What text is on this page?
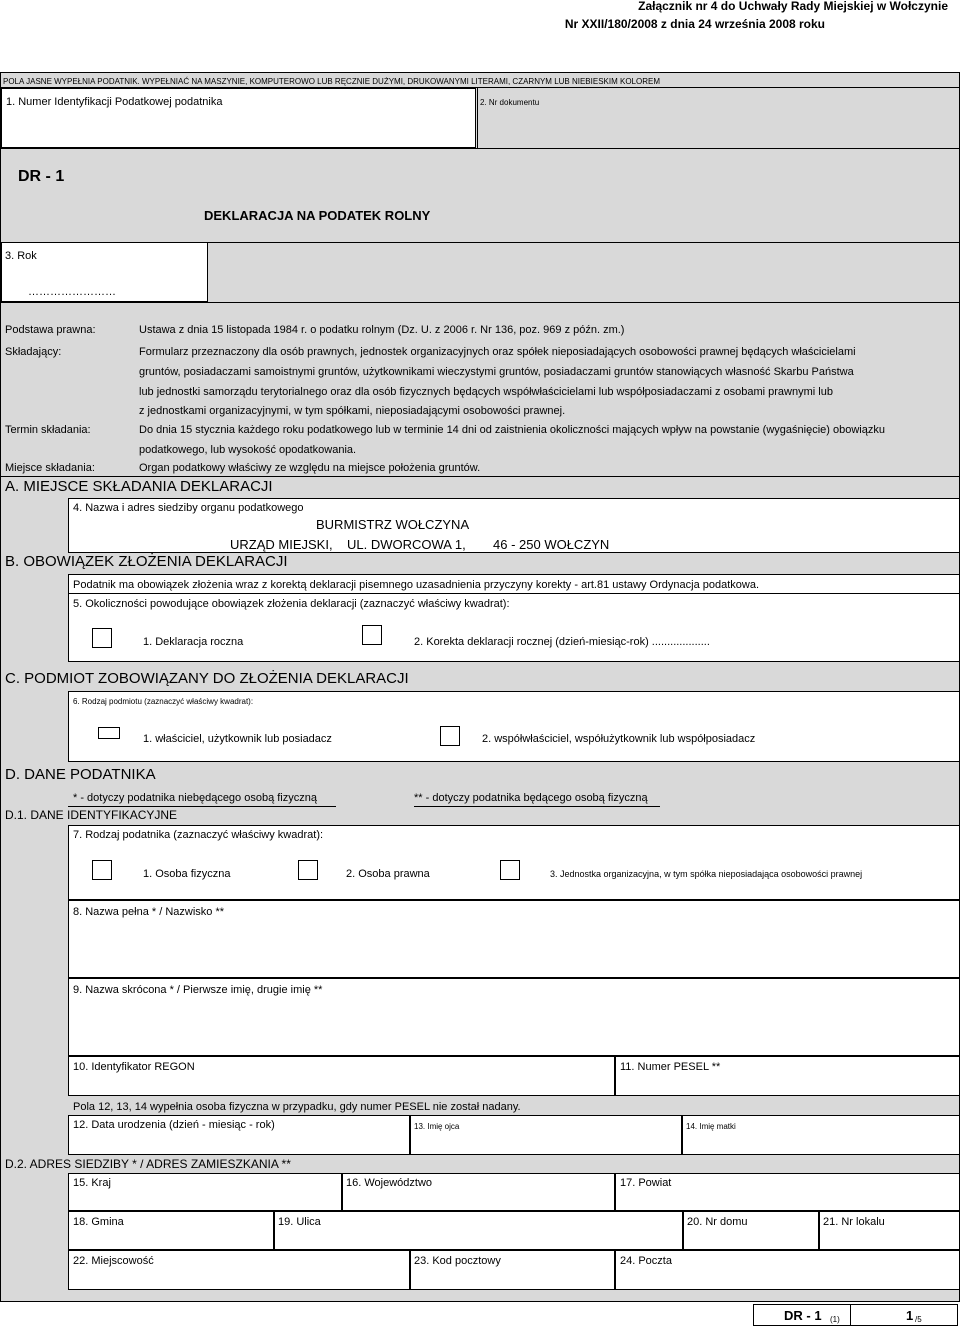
Załącznik nr 4 do Uchwały Rady Miejskiej w Wołczynie
Nr XXII/180/2008 z dnia 24 września 2008 roku
POLA JASNE WYPEŁNIA PODATNIK. WYPEŁNIAĆ NA MASZYNIE, KOMPUTEROWO LUB RĘCZNIE DUŻYMI, DRUKOWANYMI LITERAMI, CZARNYM LUB NIEBIESKIM KOLOREM
1. Numer Identyfikacji Podatkowej podatnika	2. Nr dokumentu
DR - 1
DEKLARACJA NA PODATEK ROLNY
3. Rok
……………………
Podstawa prawna:	Ustawa z dnia 15 listopada 1984 r. o podatku rolnym (Dz. U. z 2006 r. Nr 136, poz. 969 z późn. zm.)
Składający:	Formularz przeznaczony dla osób prawnych, jednostek organizacyjnych oraz spółek nieposiadających osobowości prawnej będących właścicielami
gruntów, posiadaczami samoistnymi gruntów, użytkownikami wieczystymi gruntów, posiadaczami gruntów stanowiących własność Skarbu Państwa
lub jednostki samorządu terytorialnego oraz dla osób fizycznych będących współwłaścicielami lub współposiadaczami z osobami prawnymi lub
z jednostkami organizacyjnymi, w tym spółkami, nieposiadającymi osobowości prawnej.
Termin składania:	Do dnia 15 stycznia każdego roku podatkowego lub w terminie 14 dni od zaistnienia okoliczności mających wpływ na powstanie (wygaśnięcie) obowiązku
podatkowego, lub wysokość opodatkowania.
Miejsce składania:	Organ podatkowy właściwy ze względu na miejsce położenia gruntów.
A. MIEJSCE SKŁADANIA DEKLARACJI
4. Nazwa i adres siedziby organu podatkowego
BURMISTRZ WOŁCZYNA
URZĄD MIEJSKI,    UL. DWORCOWA 1, 46 - 250 WOŁCZYN
B. OBOWIĄZEK ZŁOŻENIA DEKLARACJI
Podatnik ma obowiązek złożenia wraz z korektą deklaracji pisemnego uzasadnienia przyczyny korekty - art.81 ustawy Ordynacja podatkowa.
5. Okoliczności powodujące obowiązek złożenia deklaracji (zaznaczyć właściwy kwadrat):
1. Deklaracja roczna	2. Korekta deklaracji rocznej (dzień-miesiąc-rok) ...................
C. PODMIOT ZOBOWIĄZANY DO ZŁOŻENIA DEKLARACJI
6. Rodzaj podmiotu (zaznaczyć właściwy kwadrat):
1. właściciel, użytkownik lub posiadacz	2. współwłaściciel, współużytkownik lub współposiadacz
D. DANE PODATNIKA
* - dotyczy podatnika niebędącego osobą fizyczną	** - dotyczy podatnika będącego osobą fizyczną
D.1. DANE IDENTYFIKACYJNE
7. Rodzaj podatnika (zaznaczyć właściwy kwadrat):
1. Osoba fizyczna	2. Osoba prawna	3. Jednostka organizacyjna, w tym spółka nieposiadająca osobowości prawnej
8. Nazwa pełna * / Nazwisko **
9. Nazwa skrócona * / Pierwsze imię, drugie imię **
10. Identyfikator REGON	11. Numer PESEL **
Pola 12, 13, 14 wypełnia osoba fizyczna w przypadku, gdy numer PESEL nie został nadany.
12. Data urodzenia (dzień - miesiąc - rok)	13. Imię ojca	14. Imię matki
D.2. ADRES SIEDZIBY * / ADRES ZAMIESZKANIA **
15. Kraj	16. Województwo	17. Powiat
18. Gmina	19. Ulica	20. Nr domu	21. Nr lokalu
22. Miejscowość	23. Kod pocztowy	24. Poczta
DR - 1 (1)	1 /5
